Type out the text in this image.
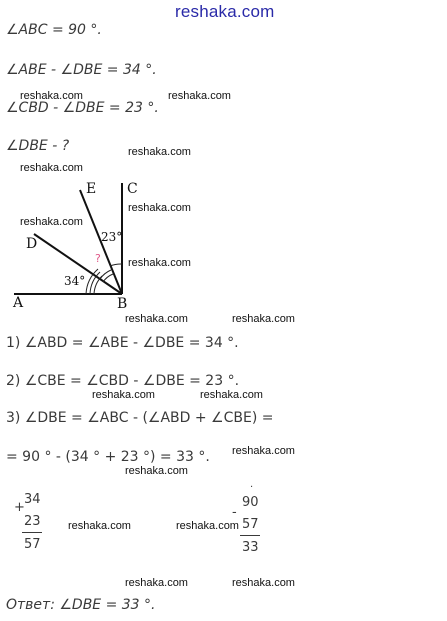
reshaka.com
∠ABC = 90 °.
∠ABE - ∠DBE = 34 °.
∠CBD - ∠DBE = 23 °.
∠DBE - ?
reshaka.com	reshaka.com
reshaka.com
reshaka.com
reshaka.com
reshaka.com
reshaka.com
A	B
C
D
E
34°
23°
?
reshaka.com	reshaka.com
1) ∠ABD = ∠ABE - ∠DBE = 34 °.
2) ∠CBE = ∠CBD - ∠DBE = 23 °.
reshaka.com	reshaka.com
3) ∠DBE = ∠ABC - (∠ABD + ∠CBE) =
reshaka.com
= 90 ° - (34 ° + 23 °) = 33 °.
reshaka.com
+
34
23
57
reshaka.com	reshaka.com
·
-
90
57
33
reshaka.com	reshaka.com
Ответ: ∠DBE = 33 °.
